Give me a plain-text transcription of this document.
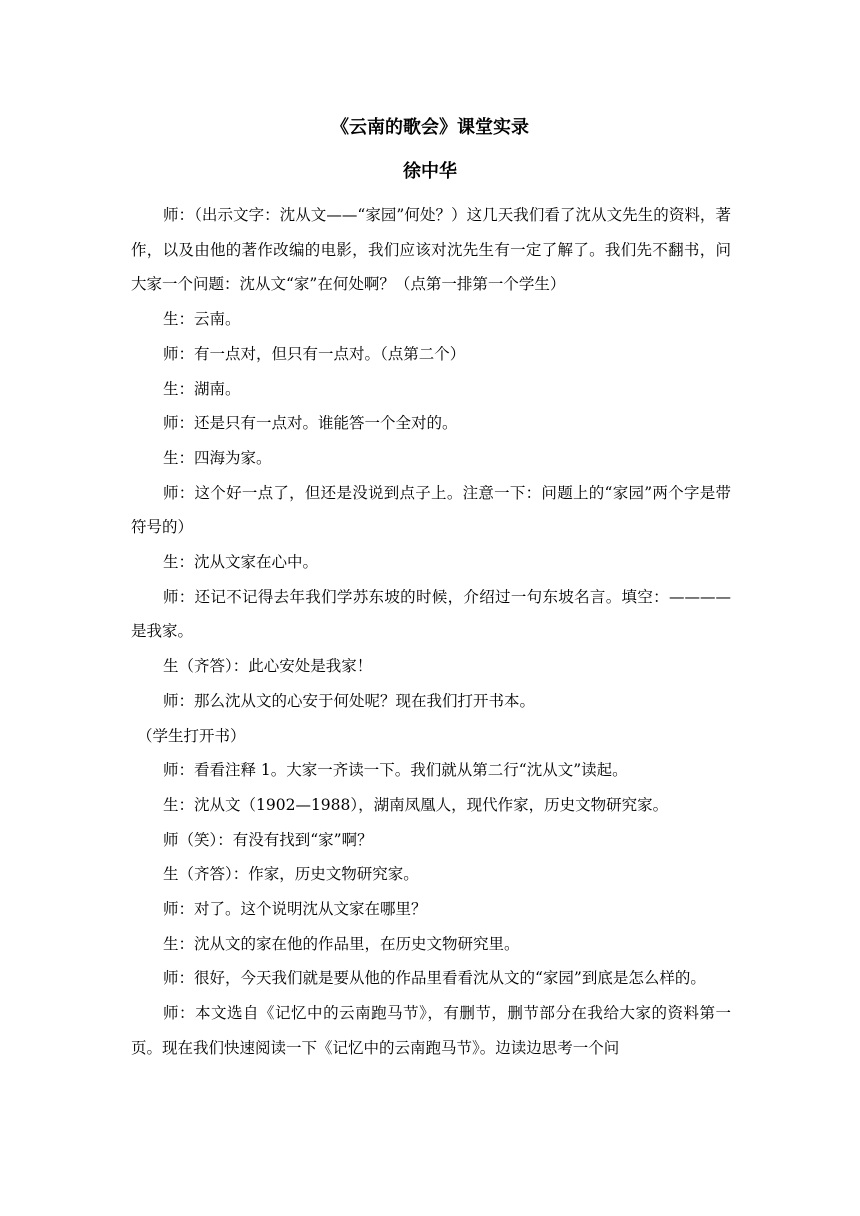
《云南的歌会》课堂实录
徐中华

师：（出示文字：沈从文——“家园”何处？）这几天我们看了沈从文先生的资料，著作，以及由他的著作改编的电影，我们应该对沈先生有一定了解了。我们先不翻书，问大家一个问题：沈从文“家”在何处啊？（点第一排第一个学生）

生：云南。

师：有一点对，但只有一点对。（点第二个）

生：湖南。

师：还是只有一点对。谁能答一个全对的。

生：四海为家。

师：这个好一点了，但还是没说到点子上。注意一下：问题上的“家园”两个字是带符号的）

生：沈从文家在心中。

师：还记不记得去年我们学苏东坡的时候，介绍过一句东坡名言。填空：————是我家。

生（齐答）：此心安处是我家！

师：那么沈从文的心安于何处呢？现在我们打开书本。

（学生打开书）

师：看看注释 1。大家一齐读一下。我们就从第二行“沈从文”读起。

生：沈从文（1902—1988），湖南凤凰人，现代作家，历史文物研究家。

师（笑）：有没有找到“家”啊？

生（齐答）：作家，历史文物研究家。

师：对了。这个说明沈从文家在哪里？

生：沈从文的家在他的作品里，在历史文物研究里。

师：很好，今天我们就是要从他的作品里看看沈从文的“家园”到底是怎么样的。

师：本文选自《记忆中的云南跑马节》，有删节，删节部分在我给大家的资料第一页。现在我们快速阅读一下《记忆中的云南跑马节》。边读边思考一个问
